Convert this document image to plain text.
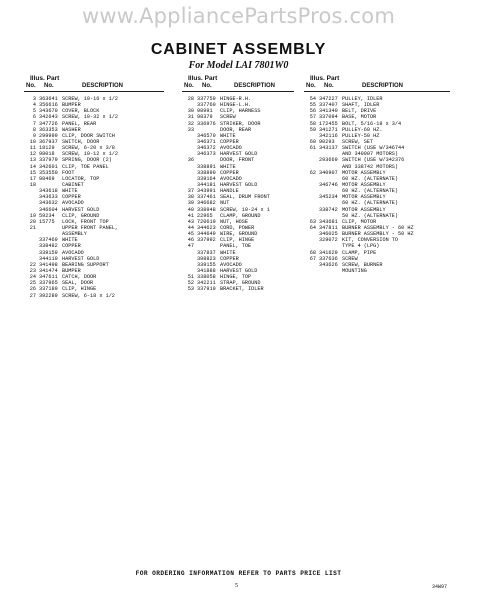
www.AppliancePartsPros.com
CABINET ASSEMBLY
For Model LAI 7801W0
Illus. Part
No. No.	DESCRIPTION
3 363641 SCREW, 10-16 x 1/2
4 356616 BUMPER
5 343670 COVER, BLOCK
6 342643 SCREW, 10-32 x 1/2
7 347726 PANEL, REAR
8 363353 WASHER
9 299999 CLIP, DOOR SWITCH
10 367937 SWITCH, DOOR
11 18129 SCREW, 6-20 x 3/8
12 98018 SCREW, 10-12 x 1/2
13 337979 SPRING, DOOR (2)
14 342601 CLIP, TOE PANEL
15 353550 FOOT
17 98469 LOCATOR, TOP
18	CABINET
343618 WHITE
343633 COPPER
343632 AVOCADO
346604 HARVEST GOLD
19 59234 CLIP, GROUND
20 15775 LOCK, FRONT TOP
21	UPPER FRONT PANEL,
ASSEMBLY
337469 WHITE
338482 COPPER
339159 AVOCADO
344110 HARVEST GOLD
22 341498 BEARING SUPPORT
23 341474 BUMPER
24 347611 CATCH, DOOR
25 337965 SEAL, DOOR
26 337189 CLIP, HINGE
27 392289 SCREW, 6-18 x 1/2
Illus. Part
No. No.	DESCRIPTION
28 337759 HINGE-R.H.
337760 HINGE-L.H.
30 98991 CLIP, HARNESS
31 98379 SCREW
32 336976 STRIKER, DOOR
33	DOOR, REAR
346570 WHITE
346371 COPPER
346372 AVOCADO
346373 HARVEST GOLD
36	DOOR, FRONT
338891 WHITE
338890 COPPER
339164 AVOCADO
344181 HARVEST GOLD
37 343991 HANDLE
38 337461 SEAL, DRUM FRONT
39 346682 NUT
40 338948 SCREW, 10-24 x 1
41 22965 CLAMP, GROUND
43 720619 NUT, HOSE
44 344623 CORD, POWER
45 344649 WIRE, GROUND
46 337992 CLIP, HINGE
47	PANEL, TOE
337837 WHITE
398823 COPPER
339155 AVOCADO
341888 HARVEST GOLD
51 338058 HINGE, TOP
52 342211 STRAP, GROUND
53 337910 BRACKET, IDLER
Illus. Part
No. No.	DESCRIPTION
54 347227 PULLEY, IDLER
55 337407 SHAFT, IDLER
56 341340 BELT, DRIVE
57 337094 BASE, MOTOR
58 172455 BOLT, 5/16-18 x 3/4
59 341271 PULLEY-60 HZ.
342116 PULLEY-50 HZ
60 90293 SCREW, SET
61 343137 SWITCH (USE W/346744
AND 340907 MOTORS)
293669 SWITCH (USE W/342376
AND 338742 MOTORS)
62 340907 MOTOR ASSEMBLY
60 HZ. (ALTERNATE)
346746 MOTOR ASSEMBLY
60 HZ. (ALTERNATE)
345234 MOTOR ASSEMBLY
60 HZ. (ALTERNATE)
338742 MOTOR ASSEMBLY
50 HZ. (ALTERNATE)
63 343681 CLIP, MOTOR
64 347811 BURNER ASSEMBLY - 60 HZ
346025 BURNER ASSEMBLY - 50 HZ
329072 KIT, CONVERSION TO
TYPE 4 (LPG)
68 341629 CLAMP, PIPE
67 337636 SCREW
343626 SCREW, BURNER
MOUNTING
FOR ORDERING INFORMATION REFER TO PARTS PRICE LIST
5	34W97
